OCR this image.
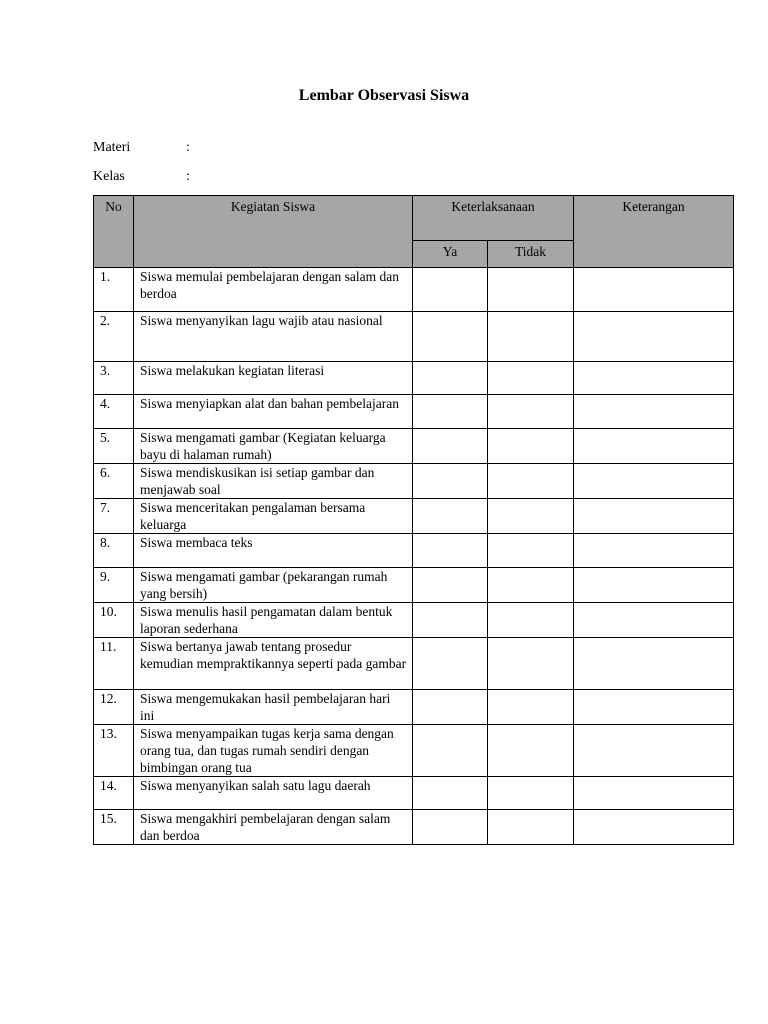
Lembar Observasi Siswa
Materi	:
Kelas	:
No	Kegiatan Siswa	Keterlaksanaan		Keterangan
		Ya	Tidak	
1.	Siswa memulai pembelajaran dengan salam dan berdoa			
2.	Siswa menyanyikan lagu wajib atau nasional			
3.	Siswa melakukan kegiatan literasi			
4.	Siswa menyiapkan alat dan bahan pembelajaran			
5.	Siswa mengamati gambar (Kegiatan keluarga bayu di halaman rumah)			
6.	Siswa mendiskusikan isi setiap gambar dan menjawab soal			
7.	Siswa menceritakan pengalaman bersama keluarga			
8.	Siswa membaca teks			
9.	Siswa mengamati gambar (pekarangan rumah yang bersih)			
10.	Siswa menulis hasil pengamatan dalam bentuk laporan sederhana			
11.	Siswa bertanya jawab tentang prosedur kemudian mempraktikannya seperti pada gambar			
12.	Siswa mengemukakan hasil pembelajaran hari ini			
13.	Siswa menyampaikan tugas kerja sama dengan orang tua, dan tugas rumah sendiri dengan bimbingan orang tua			
14.	Siswa menyanyikan salah satu lagu daerah			
15.	Siswa mengakhiri pembelajaran dengan salam dan berdoa			
